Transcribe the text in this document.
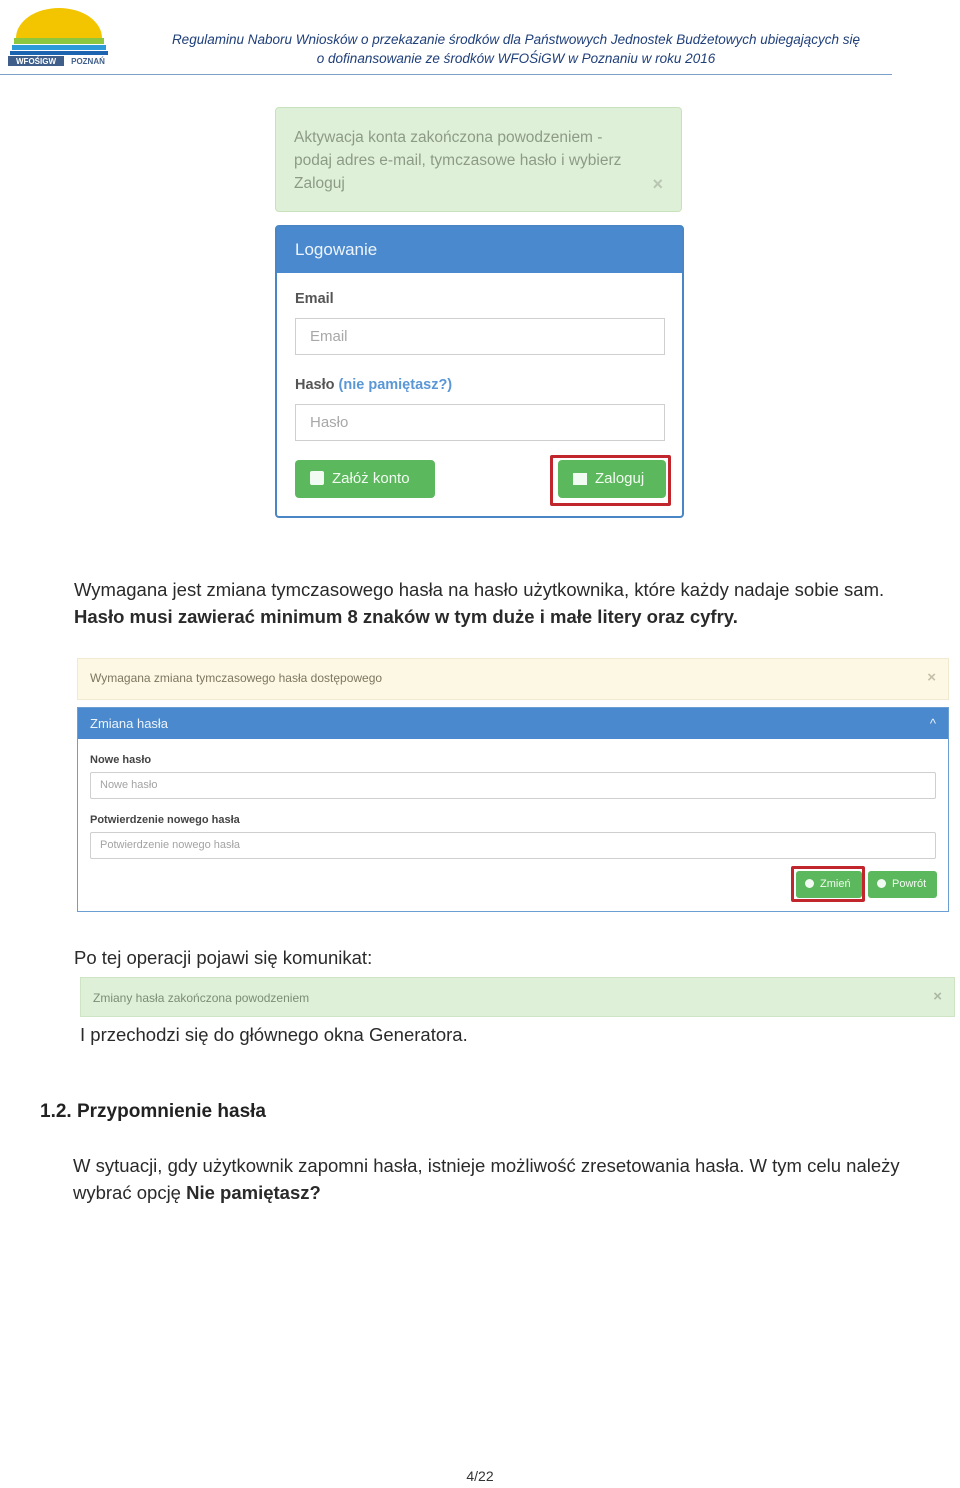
WFOŚIGW POZNAŃ
Regulaminu Naboru Wniosków o przekazanie środków dla Państwowych Jednostek Budżetowych ubiegających się
o dofinansowanie ze środków WFOŚiGW w Poznaniu w roku 2016
Aktywacja konta zakończona powodzeniem - podaj adres e-mail, tymczasowe hasło i wybierz Zaloguj	×
Logowanie
Email
Email
Hasło (nie pamiętasz?)
Hasło
Załóż konto	Zaloguj
Wymagana jest zmiana tymczasowego hasła na hasło użytkownika, które każdy nadaje sobie sam. Hasło musi zawierać minimum 8 znaków w tym duże i małe litery oraz cyfry.
Wymagana zmiana tymczasowego hasła dostępowego	×
Zmiana hasła	^
Nowe hasło
Nowe hasło
Potwierdzenie nowego hasła
Potwierdzenie nowego hasła
Zmień	Powrót
Po tej operacji pojawi się komunikat:
Zmiany hasła zakończona powodzeniem	×
I przechodzi się do głównego okna Generatora.
1.2. Przypomnienie hasła
W sytuacji, gdy użytkownik zapomni hasła, istnieje możliwość zresetowania hasła. W tym celu należy wybrać opcję Nie pamiętasz?
4/22
